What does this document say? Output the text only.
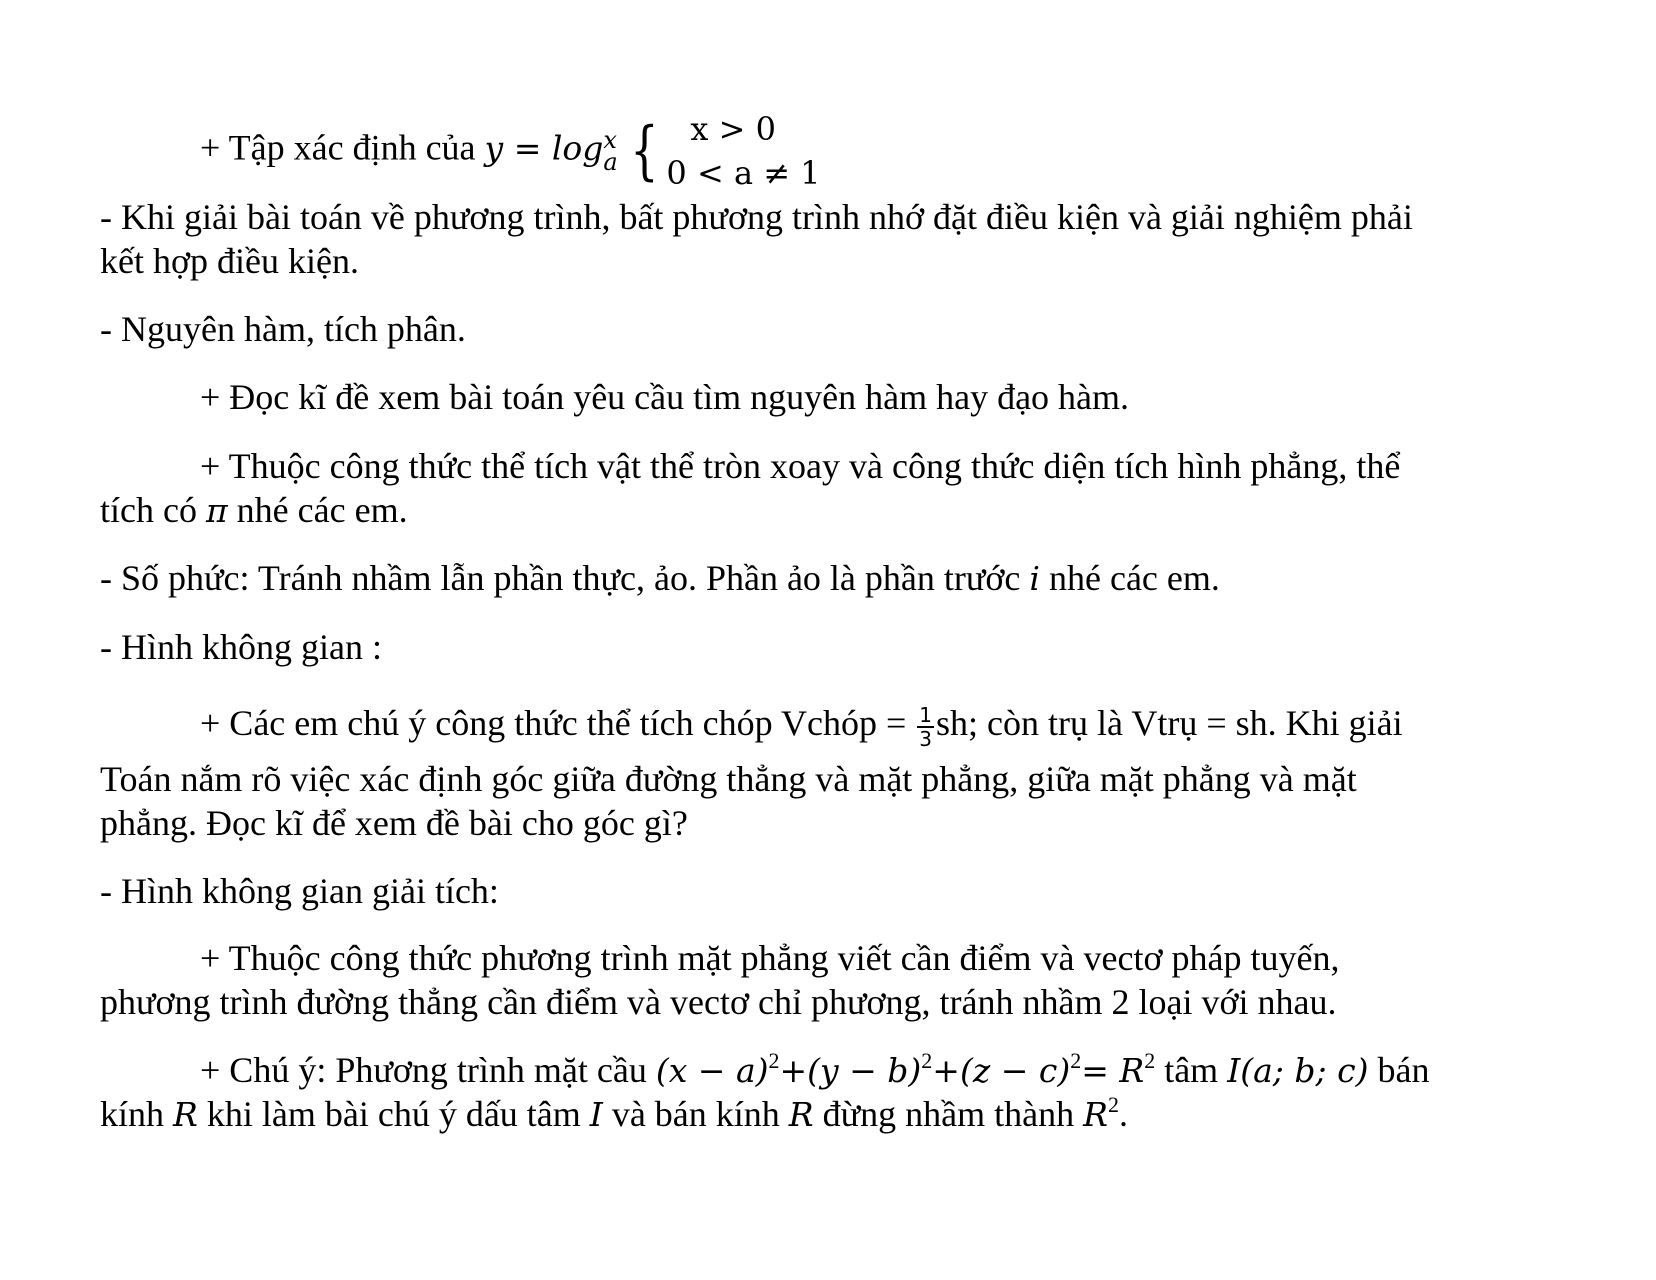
+ Tập xác định của y = log x
a {	x > 0
0 < a ≠ 1
- Khi giải bài toán về phương trình, bất phương trình nhớ đặt điều kiện và giải nghiệm phải
kết hợp điều kiện.
- Nguyên hàm, tích phân.
+ Đọc kĩ đề xem bài toán yêu cầu tìm nguyên hàm hay đạo hàm.
+ Thuộc công thức thể tích vật thể tròn xoay và công thức diện tích hình phẳng, thể
tích có π nhé các em.
- Số phức: Tránh nhầm lẫn phần thực, ảo. Phần ảo là phần trước i nhé các em.
- Hình không gian :
+ Các em chú ý công thức thể tích chóp Vchóp = $\frac{1}{3}$ sh; còn trụ là Vtrụ = sh. Khi giải
Toán nắm rõ việc xác định góc giữa đường thẳng và mặt phẳng, giữa mặt phẳng và mặt
phẳng. Đọc kĩ để xem đề bài cho góc gì?
- Hình không gian giải tích:
+ Thuộc công thức phương trình mặt phẳng viết cần điểm và vectơ pháp tuyến,
phương trình đường thẳng cần điểm và vectơ chỉ phương, tránh nhầm 2 loại với nhau.
+ Chú ý: Phương trình mặt cầu $(x - a)^2+(y - b)^2+(z - c)^2= R^2$ tâm I(a; b; c) bán
kính R khi làm bài chú ý dấu tâm I và bán kính R đừng nhầm thành $R^2$.
